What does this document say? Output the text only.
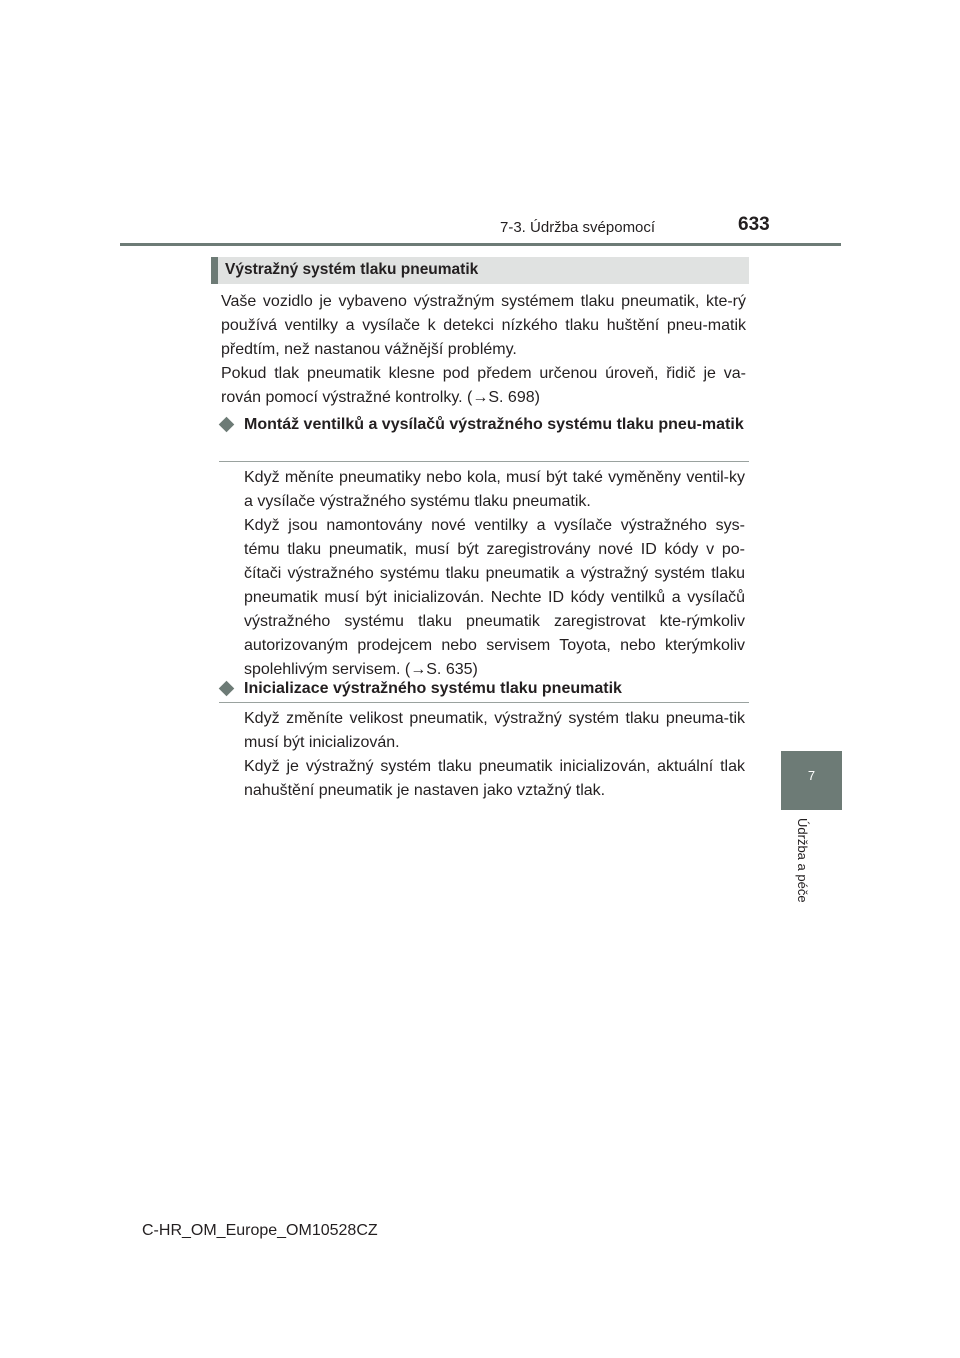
7-3. Údržba svépomocí	633
7
Údržba a péče
Výstražný systém tlaku pneumatik
Vaše vozidlo je vybaveno výstražným systémem tlaku pneumatik, kte-rý používá ventilky a vysílače k detekci nízkého tlaku huštění pneu-matik předtím, než nastanou vážnější problémy.
Pokud tlak pneumatik klesne pod předem určenou úroveň, řidič je va-rován pomocí výstražné kontrolky. (→S. 698)
Montáž ventilků a vysílačů výstražného systému tlaku pneu-matik
Když měníte pneumatiky nebo kola, musí být také vyměněny ventil-ky a vysílače výstražného systému tlaku pneumatik.
Když jsou namontovány nové ventilky a vysílače výstražného sys-tému tlaku pneumatik, musí být zaregistrovány nové ID kódy v po-čítači výstražného systému tlaku pneumatik a výstražný systém tlaku pneumatik musí být inicializován. Nechte ID kódy ventilků a vysílačů výstražného systému tlaku pneumatik zaregistrovat kte-rýmkoliv autorizovaným prodejcem nebo servisem Toyota, nebo kterýmkoliv spolehlivým servisem. (→S. 635)
Inicializace výstražného systému tlaku pneumatik
Když změníte velikost pneumatik, výstražný systém tlaku pneuma-tik musí být inicializován.
Když je výstražný systém tlaku pneumatik inicializován, aktuální tlak nahuštění pneumatik je nastaven jako vztažný tlak.
C-HR_OM_Europe_OM10528CZ
